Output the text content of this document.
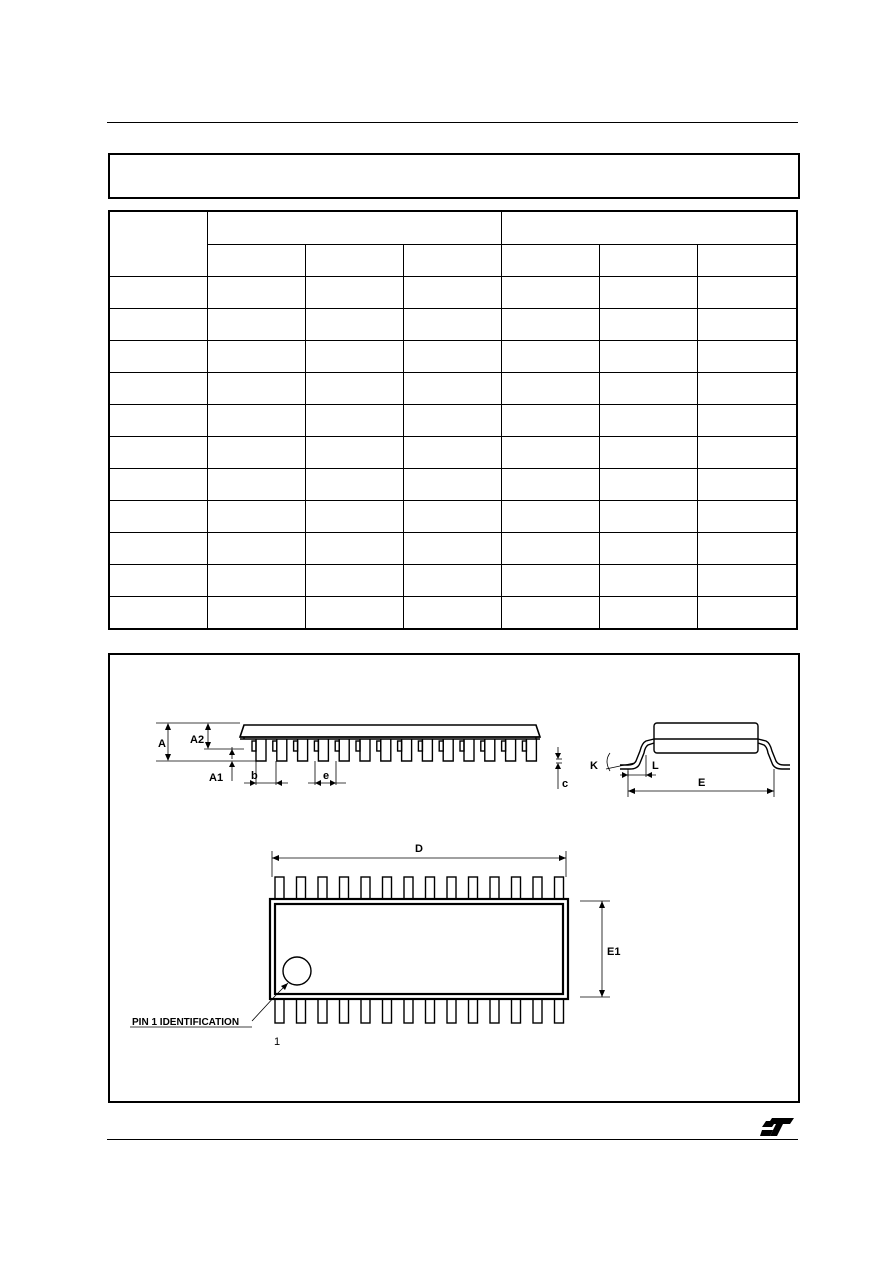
A A2
A1	b	e
c
K	L
E
D
E1
PIN 1 IDENTIFICATION
1
